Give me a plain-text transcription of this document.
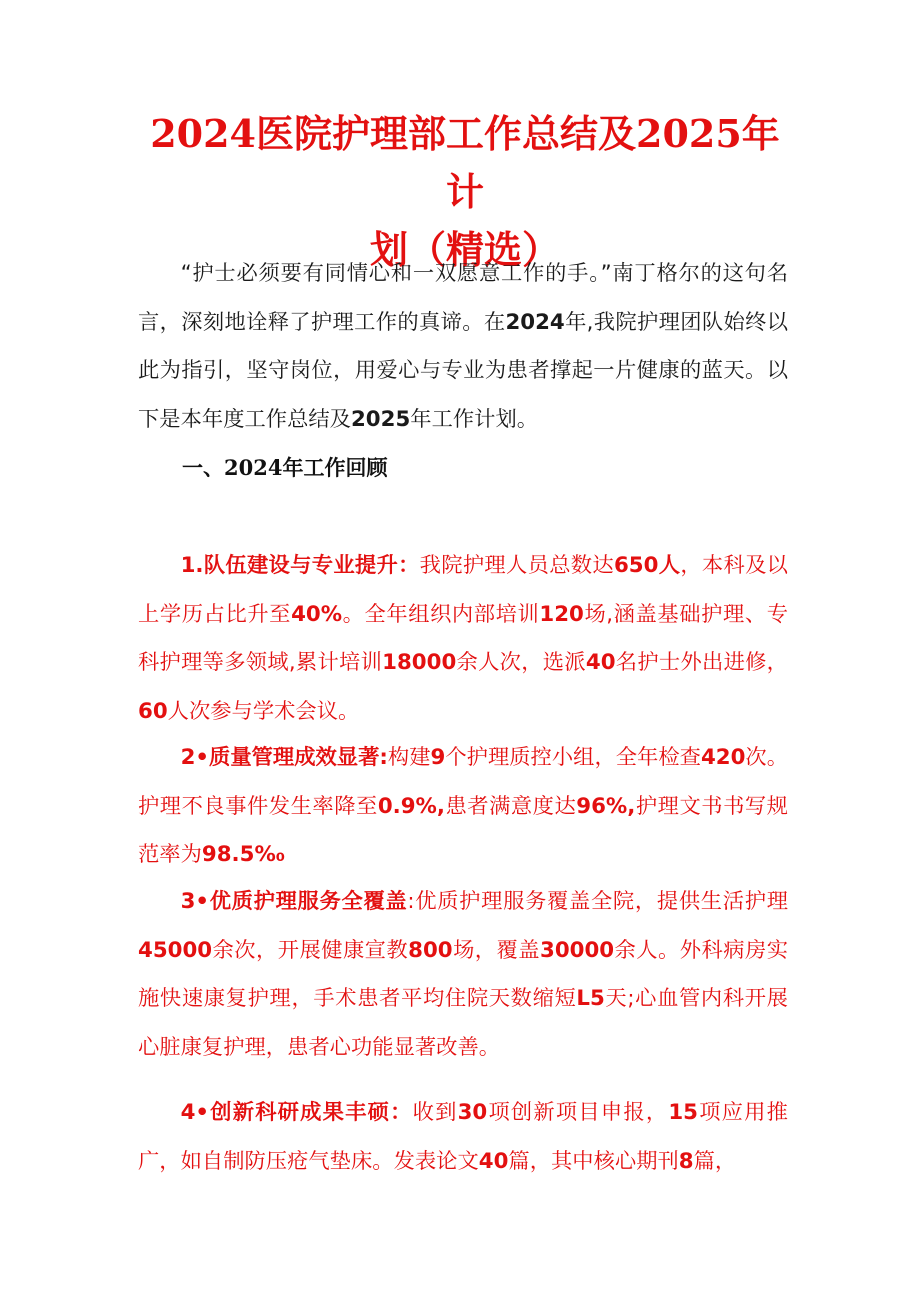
2024医院护理部工作总结及2025年计
划（精选）

“护士必须要有同情心和一双愿意工作的手。”南丁格尔的这句名言，深刻地诠释了护理工作的真谛。在2024年,我院护理团队始终以此为指引，坚守岗位，用爱心与专业为患者撑起一片健康的蓝天。以下是本年度工作总结及2025年工作计划。

一、2024年工作回顾

1.队伍建设与专业提升：我院护理人员总数达650人，本科及以上学历占比升至40%。全年组织内部培训120场,涵盖基础护理、专科护理等多领域,累计培训18000余人次，选派40名护士外出进修，60人次参与学术会议。

2•质量管理成效显著:构建9个护理质控小组，全年检查420次。护理不良事件发生率降至0.9%,患者满意度达96%,护理文书书写规范率为98.5%₀

3•优质护理服务全覆盖:优质护理服务覆盖全院，提供生活护理45000余次，开展健康宣教800场，覆盖30000余人。外科病房实施快速康复护理，手术患者平均住院天数缩短L5天;心血管内科开展心脏康复护理，患者心功能显著改善。

4•创新科研成果丰硕：收到30项创新项目申报，15项应用推广，如自制防压疮气垫床。发表论文40篇，其中核心期刊8篇，
